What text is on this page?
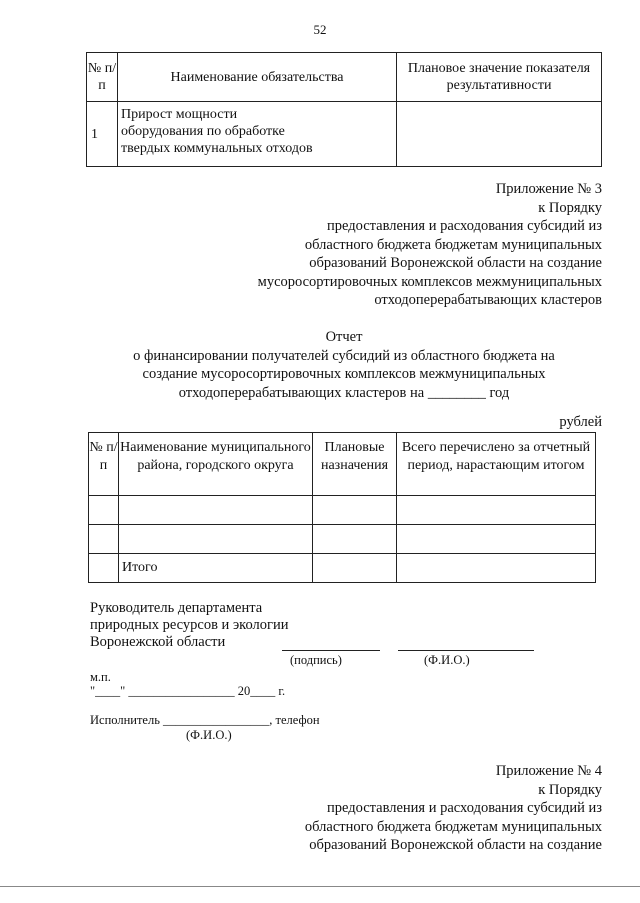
52
№ п/п	Наименование обязательства	Плановое значение показателя результативности
1	Прирост мощности
оборудования по обработке
твердых коммунальных отходов	

Приложение № 3
к Порядку
предоставления и расходования субсидий из
областного бюджета бюджетам муниципальных
образований Воронежской области на создание
мусоросортировочных комплексов межмуниципальных
отходоперерабатывающих кластеров
Отчет
о финансировании получателей субсидий из областного бюджета на
создание мусоросортировочных комплексов межмуниципальных
отходоперерабатывающих кластеров на ________ год
рублей
№ п/п	Наименование муниципального района, городского округа	Плановые назначения	Всего перечислено за отчетный период, нарастающим итогом

	Итого		
Руководитель департамента
природных ресурсов и экологии
Воронежской области
(подпись)	(Ф.И.О.)
м.п.
"____" _________________ 20____ г.
Исполнитель _________________, телефон
(Ф.И.О.)
Приложение № 4
к Порядку
предоставления и расходования субсидий из
областного бюджета бюджетам муниципальных
образований Воронежской области на создание
